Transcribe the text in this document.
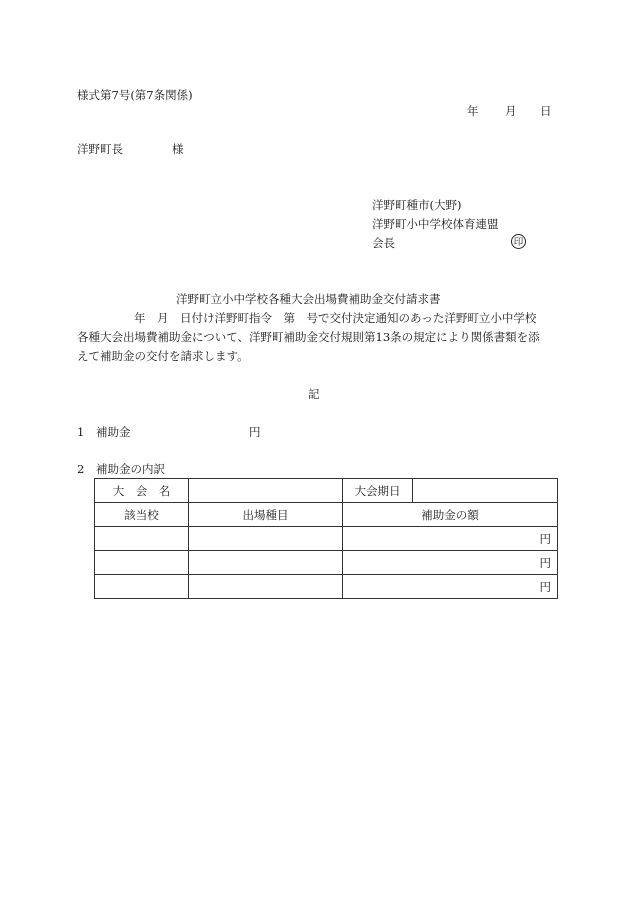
様式第7号(第7条関係)
年 月 日
洋野町長	様
洋野町種市(大野)
洋野町小中学校体育連盟
会長	印
洋野町立小中学校各種大会出場費補助金交付請求書
年　月　日付け洋野町指令　第　号で交付決定通知のあった洋野町立小中学校
各種大会出場費補助金について、洋野町補助金交付規則第13条の規定により関係書類を添
えて補助金の交付を請求します。
記
1 補助金	円
2 補助金の内訳
大　会　名		大会期日	
該当校	出場種目	補助金の額	
		円	
		円	
		円	
